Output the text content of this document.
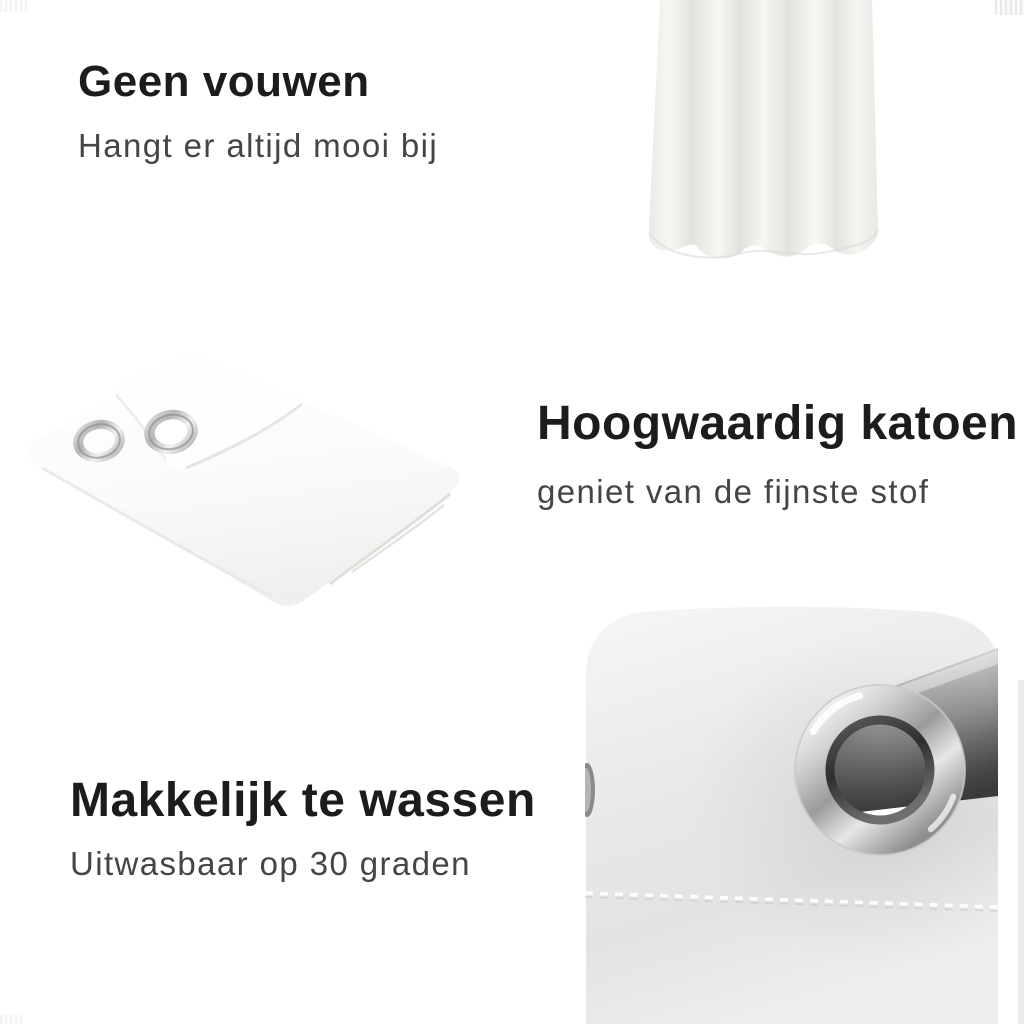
Geen vouwen

Hangt er altijd mooi bij

Hoogwaardig katoen

geniet van de fijnste stof

Makkelijk te wassen

Uitwasbaar op 30 graden
